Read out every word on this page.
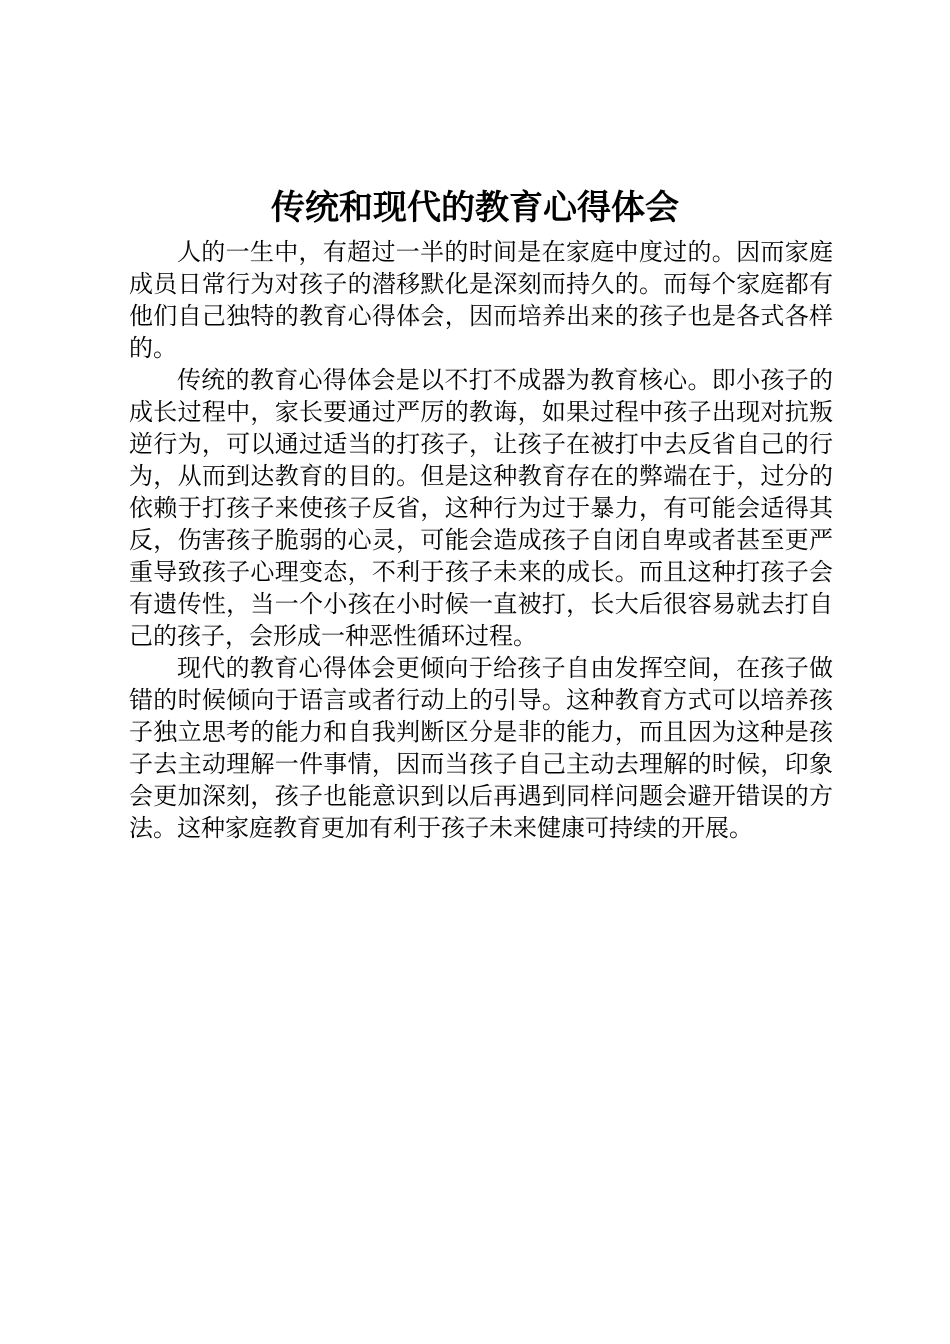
传统和现代的教育心得体会

人的一生中，有超过一半的时间是在家庭中度过的。因而家庭成员日常行为对孩子的潜移默化是深刻而持久的。而每个家庭都有他们自己独特的教育心得体会，因而培养出来的孩子也是各式各样的。

传统的教育心得体会是以不打不成器为教育核心。即小孩子的成长过程中，家长要通过严厉的教诲，如果过程中孩子出现对抗叛逆行为，可以通过适当的打孩子，让孩子在被打中去反省自己的行为，从而到达教育的目的。但是这种教育存在的弊端在于，过分的依赖于打孩子来使孩子反省，这种行为过于暴力，有可能会适得其反，伤害孩子脆弱的心灵，可能会造成孩子自闭自卑或者甚至更严重导致孩子心理变态，不利于孩子未来的成长。而且这种打孩子会有遗传性，当一个小孩在小时候一直被打，长大后很容易就去打自己的孩子，会形成一种恶性循环过程。

现代的教育心得体会更倾向于给孩子自由发挥空间，在孩子做错的时候倾向于语言或者行动上的引导。这种教育方式可以培养孩子独立思考的能力和自我判断区分是非的能力，而且因为这种是孩子去主动理解一件事情，因而当孩子自己主动去理解的时候，印象会更加深刻，孩子也能意识到以后再遇到同样问题会避开错误的方法。这种家庭教育更加有利于孩子未来健康可持续的开展。
